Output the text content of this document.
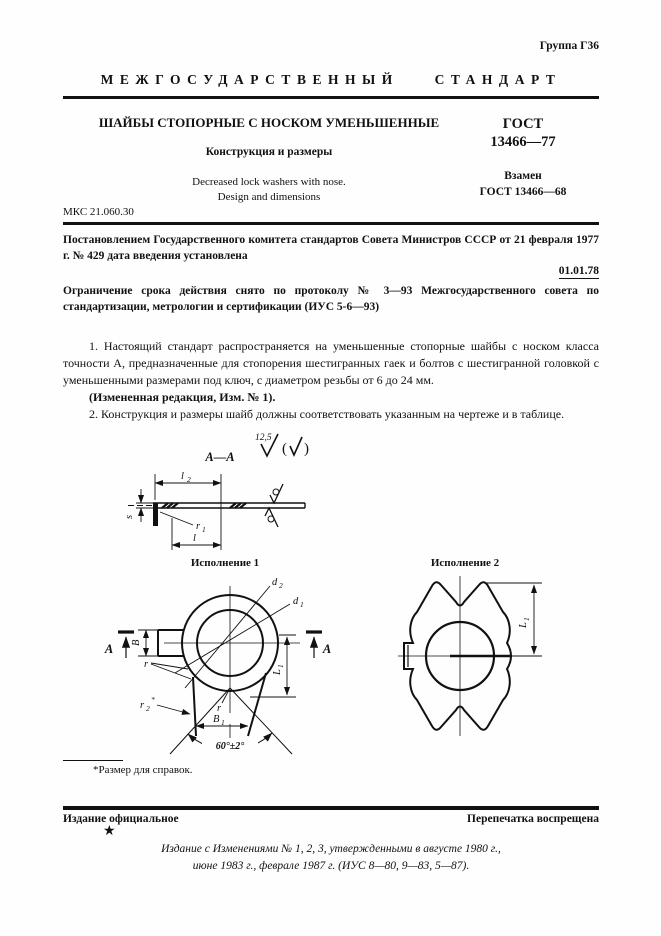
Группа Г36
МЕЖГОСУДАРСТВЕННЫЙ СТАНДАРТ
ШАЙБЫ СТОПОРНЫЕ С НОСКОМ УМЕНЬШЕННЫЕ
Конструкция и размеры
Decreased lock washers with nose.
Design and dimensions
ГОСТ
13466—77
Взамен
ГОСТ 13466—68
МКС 21.060.30
Постановлением Государственного комитета стандартов Совета Министров СССР от 21 февраля 1977 г. № 429 дата введения установлена
01.01.78
Ограничение срока действия снято по протоколу № 3—93 Межгосударственного совета по стандартизации, метрологии и сертификации (ИУС 5-6—93)

1. Настоящий стандарт распространяется на уменьшенные стопорные шайбы с носком класса точности А, предназначенные для стопорения шестигранных гаек и болтов с шестигранной головкой с уменьшенными размерами под ключ, с диаметром резьбы от 6 до 24 мм.

(Измененная редакция, Изм. № 1).

2. Конструкция и размеры шайб должны соответствовать указанным на чертеже и в таблице.

А—А
12,5
( )
l 2
s
r 1
l
Исполнение 1
60°±2°
B 1
L
1
d 2
d 1
r
r 2
*
r
B
А	А
Исполнение 2
L
1
*Размер для справок.
Издание официальное	Перепечатка воспрещена
★
Издание с Изменениями № 1, 2, 3, утвержденными в августе 1980 г.,
июне 1983 г., феврале 1987 г. (ИУС 8—80, 9—83, 5—87).
